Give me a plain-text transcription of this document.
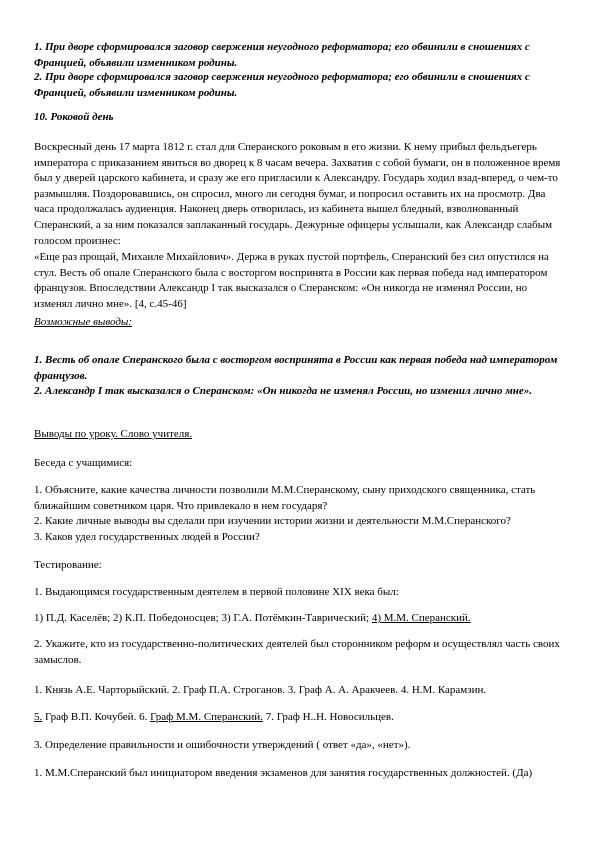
1. При дворе сформировался заговор свержения неугодного реформатора; его обвинили в сношениях с Францией, объявили изменником родины.

2. При дворе сформировался заговор свержения неугодного реформатора; его обвинили в сношениях с Францией, объявили изменником родины.

10. Роковой день

Воскресный день 17 марта 1812 г. стал для Сперанского роковым в его жизни. К нему прибыл фельдъегерь императора с приказанием явиться во дворец к 8 часам вечера. Захватив с собой бумаги, он в положенное время был у дверей царского кабинета, и сразу же его пригласили к Александру. Государь ходил взад-вперед, о чем-то размышляя. Поздоровавшись, он спросил, много ли сегодня бумаг, и попросил оставить их на просмотр. Два часа продолжалась аудиенция. Наконец дверь отворилась, из кабинета вышел бледный, взволнованный Сперанский, а за ним показался заплаканный государь. Дежурные офицеры услышали, как Александр слабым голосом произнес:

«Еще раз прощай, Михаиле Михайлович». Держа в руках пустой портфель, Сперанский без сил опустился на стул. Весть об опале Сперанского была с восторгом воспринята в России как первая победа над императором французов. Впоследствии Александр I так высказался о Сперанском: «Он никогда не изменял России, но изменял лично мне». [4, с.45-46]

Возможные выводы:

1. Весть об опале Сперанского была с восторгом воспринята в России как первая победа над императором французов.

2. Александр I так высказался о Сперанском: «Он никогда не изменял России, но изменил лично мне».

Выводы по уроку. Слово учителя.

Беседа с учащимися:

1. Объясните, какие качества личности позволили М.М.Сперанскому, сыну приходского священника, стать ближайшим советником царя. Что привлекало в нем государя?

2. Какие личные выводы вы сделали при изучении истории жизни и деятельности М.М.Сперанского?

3. Каков удел государственных людей в России?

Тестирование:

1. Выдающимся государственным деятелем в первой половине XIX века был:

1) П.Д. Каселёв; 2) К.П. Победоносцев; 3) Г.А. Потёмкин-Таврический; 4) М.М. Сперанский.

2. Укажите, кто из государственно-политических деятелей был сторонником реформ и осуществлял часть своих замыслов.

1. Князь А.Е. Чарторыйский. 2. Граф П.А. Строганов. 3. Граф А. А. Аракчеев. 4. Н.М. Карамзин.

5. Граф В.П. Кочубей. 6. Граф М.М. Сперанский. 7. Граф Н..Н. Новосильцев.

3. Определение правильности и ошибочности утверждений ( ответ «да», «нет»).

1. М.М.Сперанский был инициатором введения экзаменов для занятия государственных должностей. (Да)
